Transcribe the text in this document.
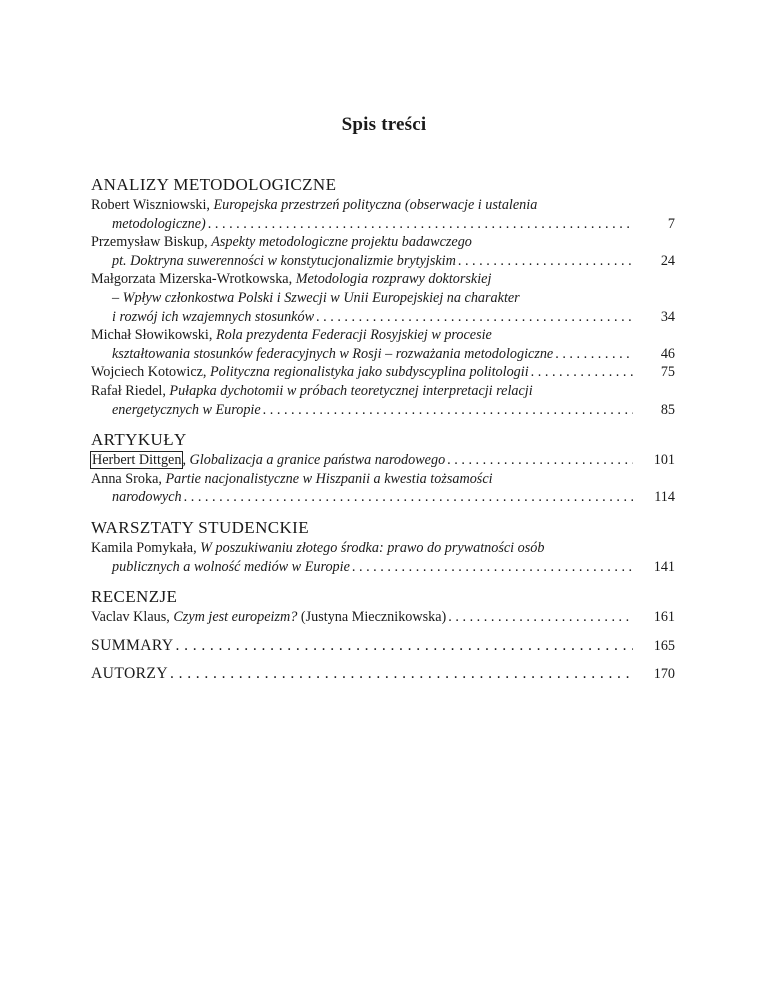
Spis treści
ANALIZY METODOLOGICZNE
Robert Wiszniowski, Europejska przestrzeń polityczna (obserwacje i ustalenia
metodologiczne) . . .	7
Przemysław Biskup, Aspekty metodologiczne projektu badawczego
pt. Doktryna suwerenności w konstytucjonalizmie brytyjskim . . .	24
Małgorzata Mizerska-Wrotkowska, Metodologia rozprawy doktorskiej
– Wpływ członkostwa Polski i Szwecji w Unii Europejskiej na charakter
i rozwój ich wzajemnych stosunków . . .	34
Michał Słowikowski, Rola prezydenta Federacji Rosyjskiej w procesie
kształtowania stosunków federacyjnych w Rosji – rozważania metodologiczne . . .	46
Wojciech Kotowicz, Polityczna regionalistyka jako subdyscyplina politologii . . .	75
Rafał Riedel, Pułapka dychotomii w próbach teoretycznej interpretacji relacji
energetycznych w Europie . . .	85
ARTYKUŁY
Herbert Dittgen, Globalizacja a granice państwa narodowego . . .	101
Anna Sroka, Partie nacjonalistyczne w Hiszpanii a kwestia tożsamości
narodowych . . .	114
WARSZTATY STUDENCKIE
Kamila Pomykała, W poszukiwaniu złotego środka: prawo do prywatności osób
publicznych a wolność mediów w Europie . . .	141
RECENZJE
Vaclav Klaus, Czym jest europeizm? (Justyna Miecznikowska) . . .	161
SUMMARY . . .	165
AUTORZY . . .	170
